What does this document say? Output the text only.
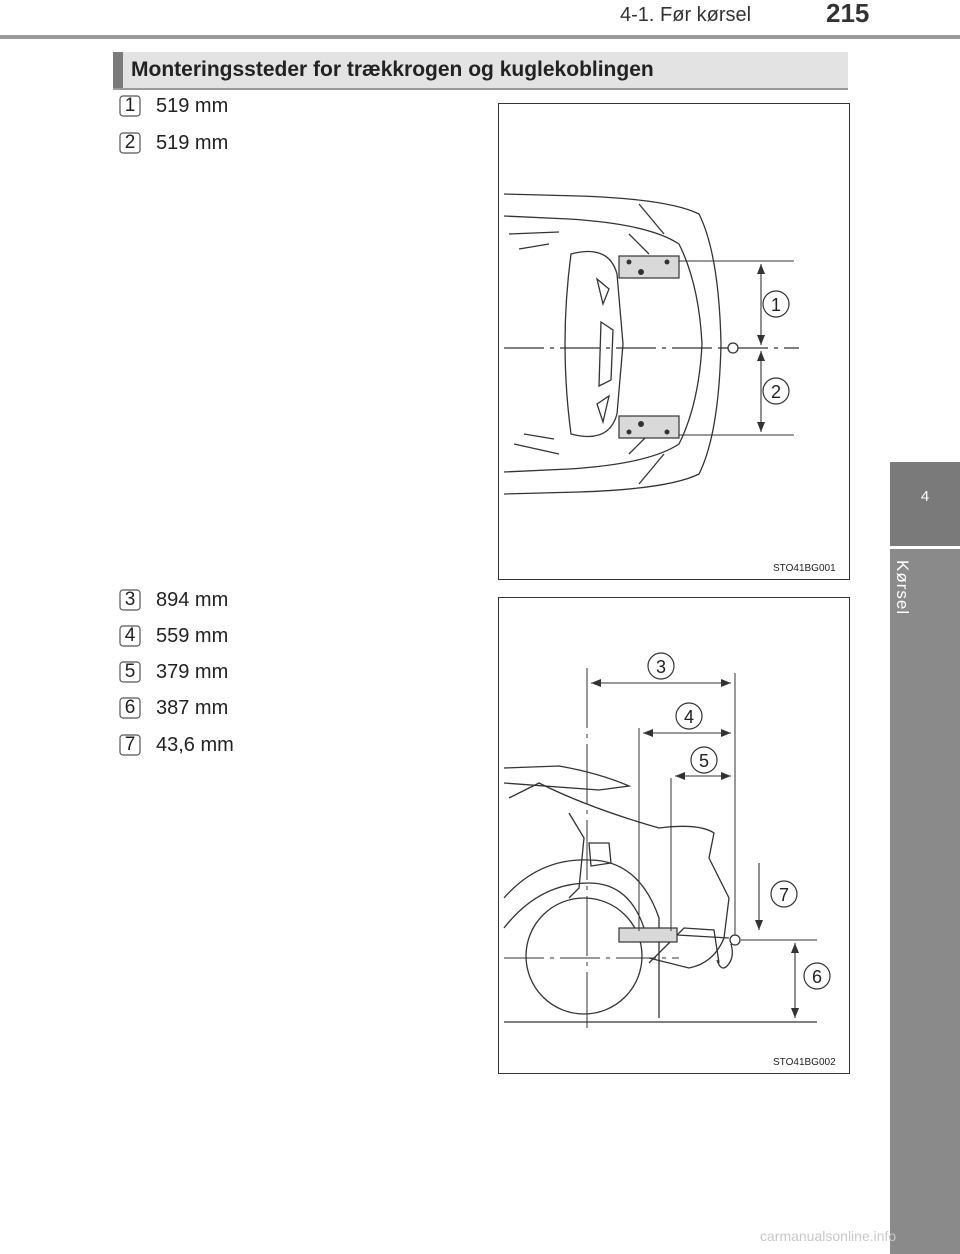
4-1. Før kørsel	215
4
Kørsel
Monteringssteder for trækkrogen og kuglekoblingen
1	519 mm
2	519 mm
3	894 mm
4	559 mm
5	379 mm
6	387 mm
7	43,6 mm
1
2
STO41BG001
3
4
5
7
6
STO41BG002
carmanualsonline.info
